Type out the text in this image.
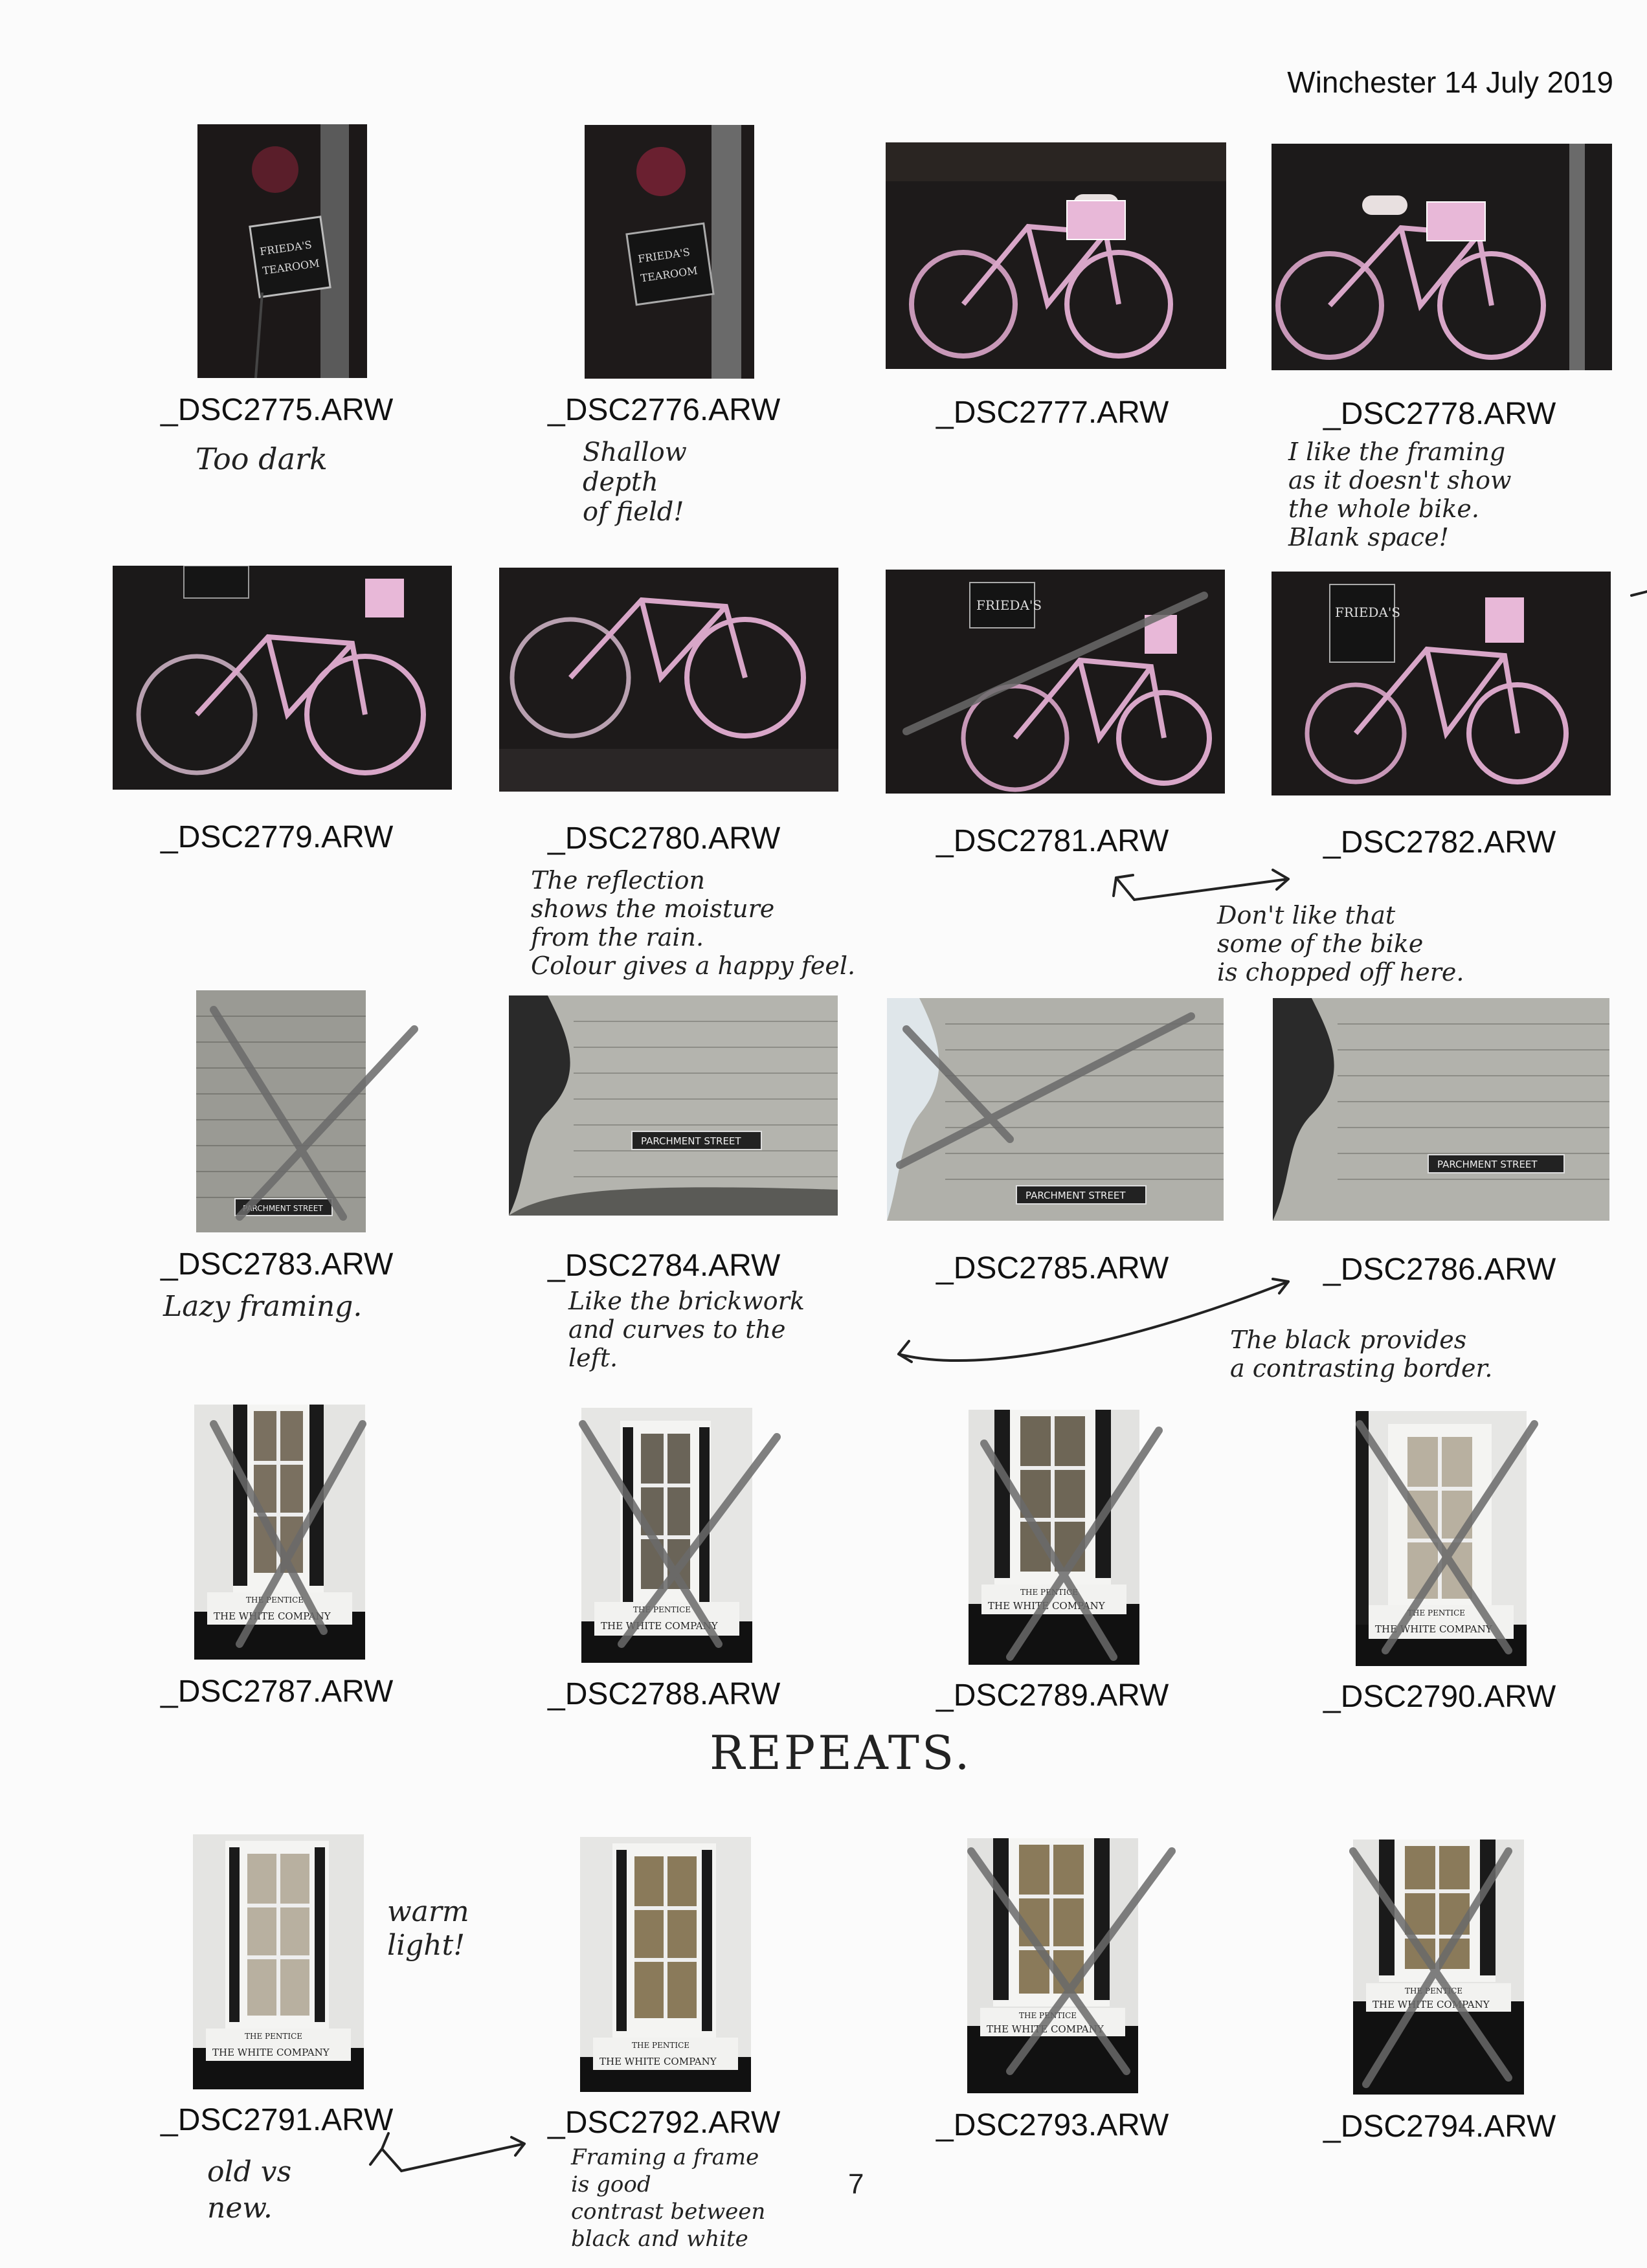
Winchester 14 July 2019
FRIEDA'S
TEAROOM
FRIEDA'S
TEAROOM
_DSC2775.ARW	_DSC2776.ARW	_DSC2777.ARW	_DSC2778.ARW
FRIEDA'S	FRIEDA'S
_DSC2779.ARW	_DSC2780.ARW	_DSC2781.ARW	_DSC2782.ARW
PARCHMENT STREET
PARCHMENT STREET
PARCHMENT STREET
PARCHMENT STREET
_DSC2783.ARW	_DSC2784.ARW	_DSC2785.ARW	_DSC2786.ARW
THE PENTICE
THE WHITE COMPANY
THE PENTICE
THE WHITE COMPANY
THE PENTICE
THE WHITE COMPANY
THE PENTICE
THE WHITE COMPANY
_DSC2787.ARW	_DSC2788.ARW	_DSC2789.ARW	_DSC2790.ARW
THE PENTICE
THE WHITE COMPANY
THE PENTICE
THE WHITE COMPANY
THE PENTICE
THE WHITE COMPANY
THE PENTICE
THE WHITE COMPANY
_DSC2791.ARW	_DSC2792.ARW	_DSC2793.ARW	_DSC2794.ARW
Too dark	Shallow
depth
of field!
I like the framing
as it doesn't show
the whole bike.
Blank space!
The reflection
shows the moisture
from the rain.
Colour gives a happy feel.
Don't like that
some of the bike
is chopped off here.
Lazy framing.	Like the brickwork
and curves to the
left.
The black provides
a contrasting border.
REPEATS.
warm
light!
old vs
new.
Framing a frame
is good
contrast between
black and white
7
